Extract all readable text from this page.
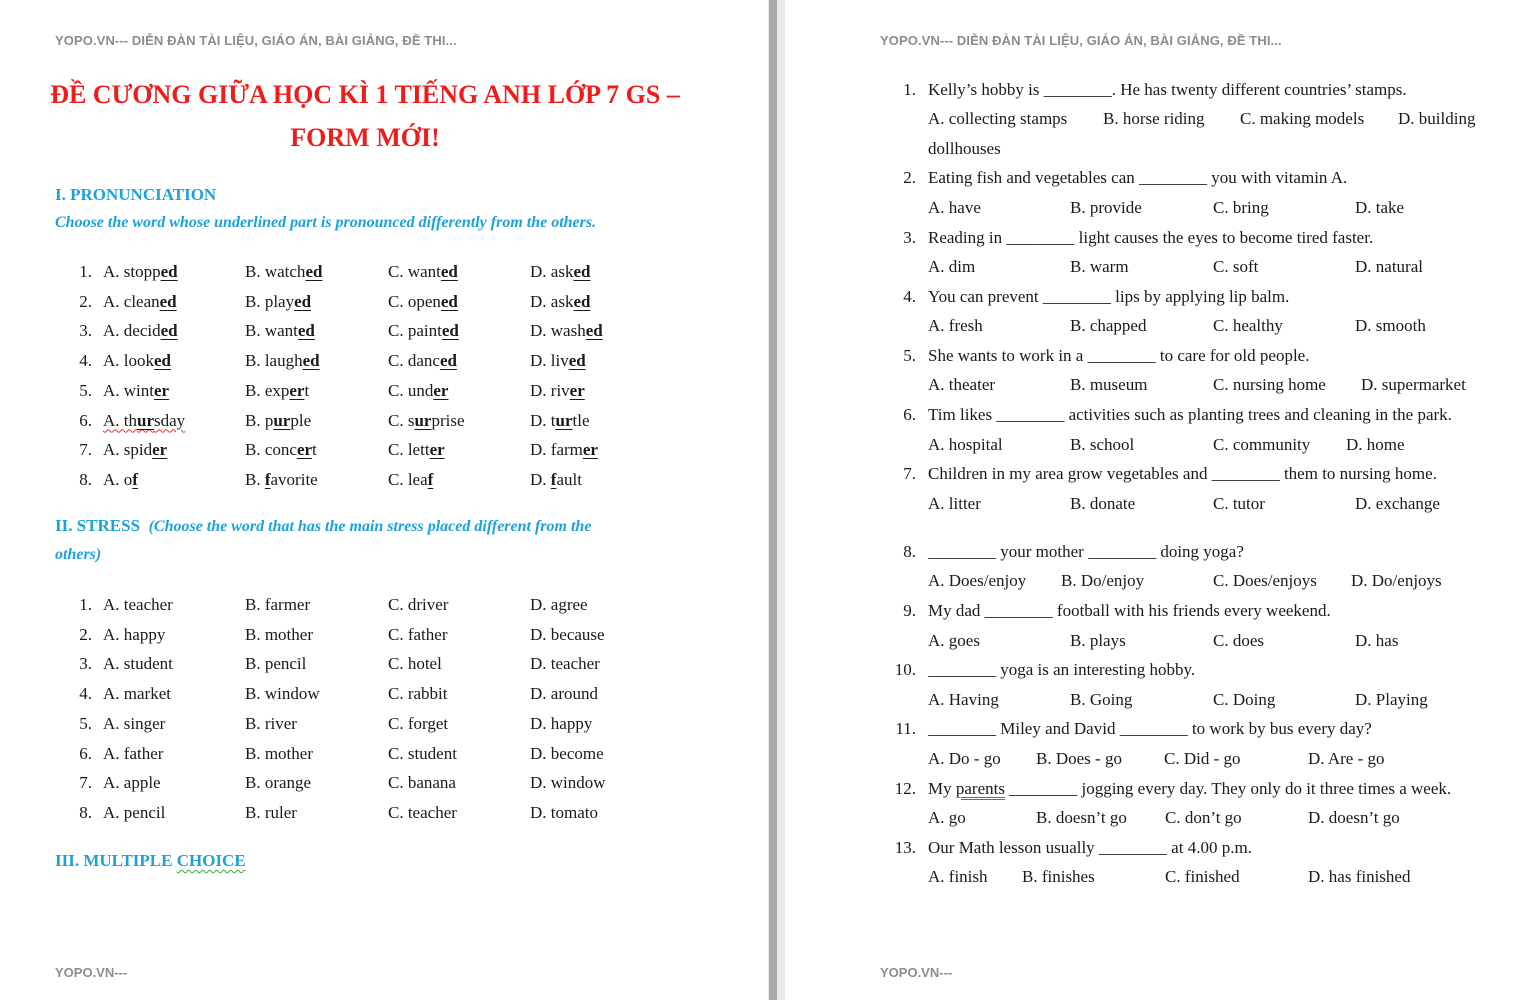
YOPO.VN--- DIỄN ĐÀN TÀI LIỆU, GIÁO ÁN, BÀI GIẢNG, ĐỀ THI...
ĐỀ CƯƠNG GIỮA HỌC KÌ 1 TIẾNG ANH LỚP 7 GS –
FORM MỚI!
I. PRONUNCIATION
Choose the word whose underlined part is pronounced differently from the others.
1. A. stopped	B. watched	C. wanted	D. asked
2. A. cleaned	B. played	C. opened	D. asked
3. A. decided	B. wanted	C. painted	D. washed
4. A. looked	B. laughed	C. danced	D. lived
5. A. winter	B. expert	C. under	D. river
6. A. thursday	B. purple	C. surprise	D. turtle
7. A. spider	B. concert	C. letter	D. farmer
8. A. of	B. favorite	C. leaf	D. fault
II. STRESS (Choose the word that has the main stress placed different from the
others)
1. A. teacher	B. farmer	C. driver	D. agree
2. A. happy	B. mother	C. father	D. because
3. A. student	B. pencil	C. hotel	D. teacher
4. A. market	B. window	C. rabbit	D. around
5. A. singer	B. river	C. forget	D. happy
6. A. father	B. mother	C. student	D. become
7. A. apple	B. orange	C. banana	D. window
8. A. pencil	B. ruler	C. teacher	D. tomato
III. MULTIPLE CHOICE
YOPO.VN---
YOPO.VN--- DIỄN ĐÀN TÀI LIỆU, GIÁO ÁN, BÀI GIẢNG, ĐỀ THI...
YOPO.VN---
1. Kelly’s hobby is ________. He has twenty different countries’ stamps.
A. collecting stamps B. horse riding C. making models D. building
dollhouses
2. Eating fish and vegetables can ________ you with vitamin A.
A. have	B. provide	C. bring	D. take
3. Reading in ________ light causes the eyes to become tired faster.
A. dim	B. warm	C. soft	D. natural
4. You can prevent ________ lips by applying lip balm.
A. fresh	B. chapped	C. healthy	D. smooth
5. She wants to work in a ________ to care for old people.
A. theater	B. museum	C. nursing home D. supermarket
6. Tim likes ________ activities such as planting trees and cleaning in the park.
A. hospital	B. school	C. community D. home
7. Children in my area grow vegetables and ________ them to nursing home.
A. litter	B. donate	C. tutor	D. exchange
8. ________ your mother ________ doing yoga?
A. Does/enjoy B. Do/enjoy	C. Does/enjoys D. Do/enjoys
9. My dad ________ football with his friends every weekend.
A. goes	B. plays	C. does	D. has
10. ________ yoga is an interesting hobby.
A. Having	B. Going	C. Doing	D. Playing
11. ________ Miley and David ________ to work by bus every day?
A. Do - go B. Does - go C. Did - go	D. Are - go
12. My parents ________ jogging every day. They only do it three times a week.
A. go	B. doesn’t go C. don’t go	D. doesn’t go
13. Our Math lesson usually ________ at 4.00 p.m.
A. finish B. finishes	C. finished	D. has finished
